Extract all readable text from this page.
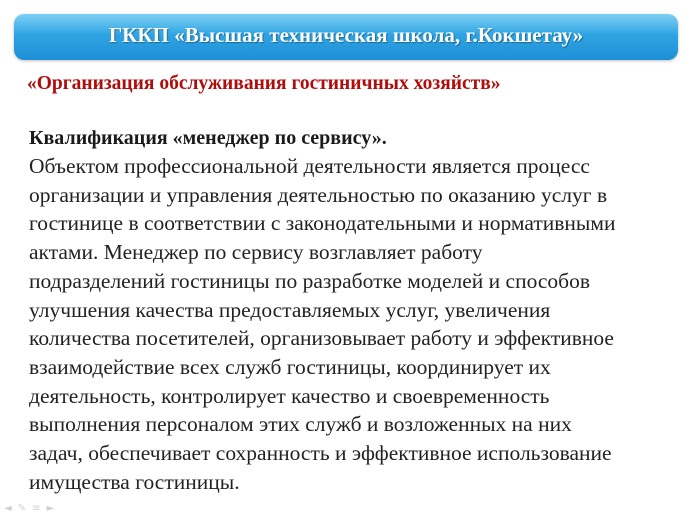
ГККП «Высшая техническая школа, г.Кокшетау»
«Организация обслуживания гостиничных хозяйств»
Квалификация «менеджер по сервису».
Объектом профессиональной деятельности является процесс
организации и управления деятельностью по оказанию услуг в
гостинице в соответствии с законодательными и нормативными
актами. Менеджер по сервису возглавляет работу
подразделений гостиницы по разработке моделей и способов
улучшения качества предоставляемых услуг, увеличения
количества посетителей, организовывает работу и эффективное
взаимодействие всех служб гостиницы, координирует их
деятельность, контролирует качество и своевременность
выполнения персоналом этих служб и возложенных на них
задач, обеспечивает сохранность и эффективное использование
имущества гостиницы.
◄ ✎ ≡ ►
